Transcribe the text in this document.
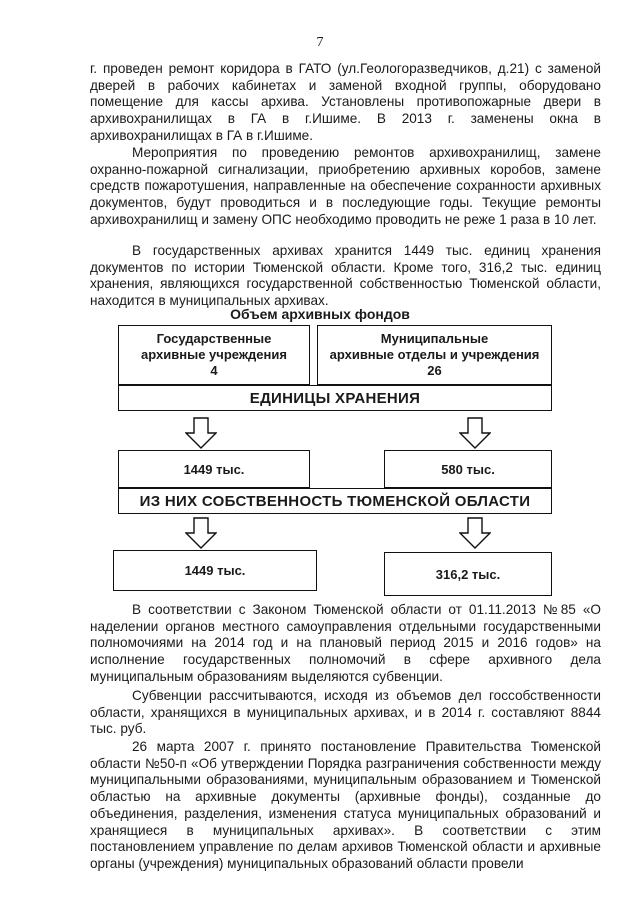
7

г. проведен ремонт коридора в ГАТО (ул.Геологоразведчиков, д.21) с заменой дверей в рабочих кабинетах и заменой входной группы, оборудовано помещение для кассы архива. Установлены противопожарные двери в архивохранилищах в ГА в г.Ишиме. В 2013 г. заменены окна в архивохранилищах в ГА в г.Ишиме.

Мероприятия по проведению ремонтов архивохранилищ, замене охранно-пожарной сигнализации, приобретению архивных коробов, замене средств пожаротушения, направленные на обеспечение сохранности архивных документов, будут проводиться и в последующие годы. Текущие ремонты архивохранилищ и замену ОПС необходимо проводить не реже 1 раза в 10 лет.

В государственных архивах хранится 1449 тыс. единиц хранения документов по истории Тюменской области. Кроме того, 316,2 тыс. единиц хранения, являющихся государственной собственностью Тюменской области, находится в муниципальных архивах.

Объем архивных фондов
Государственные
архивные учреждения
4
Муниципальные
архивные отделы и учреждения
26
ЕДИНИЦЫ ХРАНЕНИЯ
1449 тыс.	580 тыс.
ИЗ НИХ СОБСТВЕННОСТЬ ТЮМЕНСКОЙ ОБЛАСТИ
1449 тыс.	316,2 тыс.

В соответствии с Законом Тюменской области от 01.11.2013 №85 «О наделении органов местного самоуправления отдельными государственными полномочиями на 2014 год и на плановый период 2015 и 2016 годов» на исполнение государственных полномочий в сфере архивного дела муниципальным образованиям выделяются субвенции.

Субвенции рассчитываются, исходя из объемов дел госсобственности области, хранящихся в муниципальных архивах, и в 2014 г. составляют 8844 тыс. руб.

26 марта 2007 г. принято постановление Правительства Тюменской области №50-п «Об утверждении Порядка разграничения собственности между муниципальными образованиями, муниципальным образованием и Тюменской областью на архивные документы (архивные фонды), созданные до объединения, разделения, изменения статуса муниципальных образований и хранящиеся в муниципальных архивах». В соответствии с этим постановлением управление по делам архивов Тюменской области и архивные органы (учреждения) муниципальных образований области провели
